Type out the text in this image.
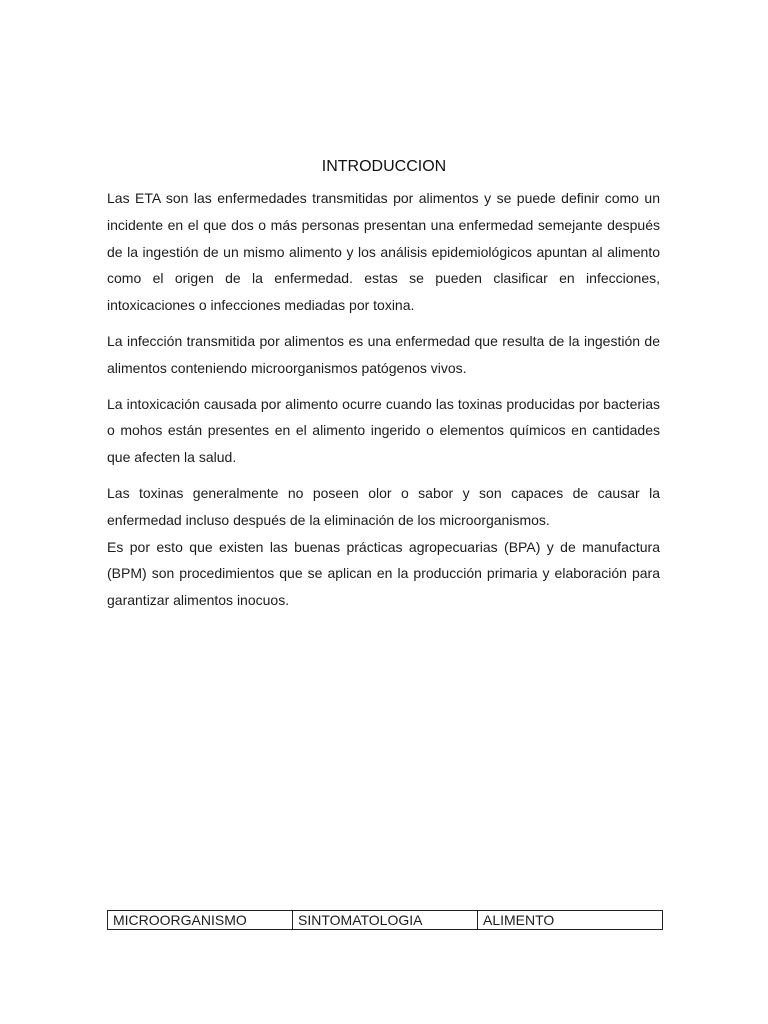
INTRODUCCION

Las ETA son las enfermedades transmitidas por alimentos y se puede definir como un incidente en el que dos o más personas presentan una enfermedad semejante después de la ingestión de un mismo alimento y los análisis epidemiológicos apuntan al alimento como el origen de la enfermedad. estas se pueden clasificar en infecciones, intoxicaciones o infecciones mediadas por toxina.

La infección transmitida por alimentos es una enfermedad que resulta de la ingestión de alimentos conteniendo microorganismos patógenos vivos.

La intoxicación causada por alimento ocurre cuando las toxinas producidas por bacterias o mohos están presentes en el alimento ingerido o elementos químicos en cantidades que afecten la salud.

Las toxinas generalmente no poseen olor o sabor y son capaces de causar la enfermedad incluso después de la eliminación de los microorganismos.

Es por esto que existen las buenas prácticas agropecuarias (BPA) y de manufactura (BPM) son procedimientos que se aplican en la producción primaria y elaboración para garantizar alimentos inocuos.

MICROORGANISMO	SINTOMATOLOGIA	ALIMENTO
